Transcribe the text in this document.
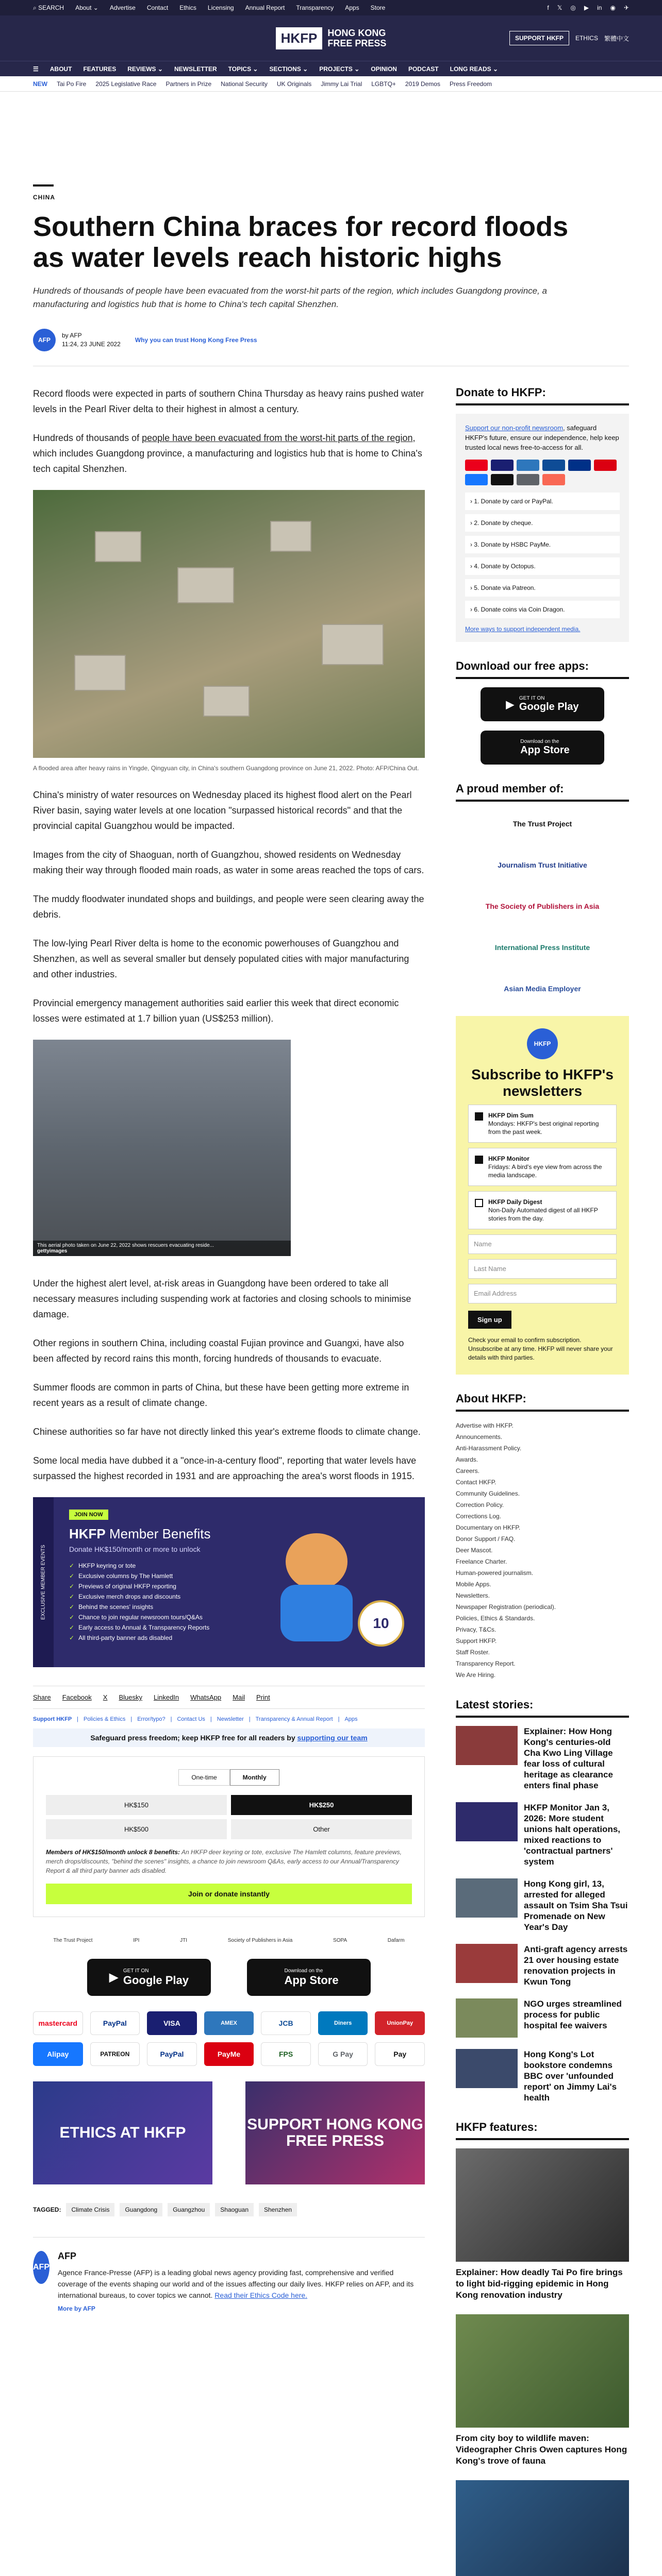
⌕ SEARCH About ⌄ Advertise Contact Ethics Licensing Annual Report Transparency Apps Store	f 𝕏 ◎ ▶ in ◉ ✈
HKFP	HONG KONG
FREE PRESS	SUPPORT HKFP	ETHICS 繁體中文
☰ ABOUT FEATURES REVIEWS ⌄ NEWSLETTER TOPICS ⌄ SECTIONS ⌄ PROJECTS ⌄ OPINION PODCAST LONG READS ⌄
NEW Tai Po Fire 2025 Legislative Race Partners in Prize National Security UK Originals Jimmy Lai Trial LGBTQ+ 2019 Demos Press Freedom
CHINA
Southern China braces for record floods as water levels reach historic highs
Hundreds of thousands of people have been evacuated from the worst-hit parts of the region, which includes Guangdong province, a manufacturing and logistics hub that is home to China's tech capital Shenzhen.
AFP
by AFP
11:24, 23 JUNE 2022
Why you can trust Hong Kong Free Press

Record floods were expected in parts of southern China Thursday as heavy rains pushed water levels in the Pearl River delta to their highest in almost a century.

Hundreds of thousands of people have been evacuated from the worst-hit parts of the region, which includes Guangdong province, a manufacturing and logistics hub that is home to China's tech capital Shenzhen.

A flooded area after heavy rains in Yingde, Qingyuan city, in China's southern Guangdong province on June 21, 2022. Photo: AFP/China Out.

China's ministry of water resources on Wednesday placed its highest flood alert on the Pearl River basin, saying water levels at one location "surpassed historical records" and that the provincial capital Guangzhou would be impacted.

Images from the city of Shaoguan, north of Guangzhou, showed residents on Wednesday making their way through flooded main roads, as water in some areas reached the tops of cars.

The muddy floodwater inundated shops and buildings, and people were seen clearing away the debris.

The low-lying Pearl River delta is home to the economic powerhouses of Guangzhou and Shenzhen, as well as several smaller but densely populated cities with major manufacturing and other industries.

Provincial emergency management authorities said earlier this week that direct economic losses were estimated at 1.7 billion yuan (US$253 million).

This aerial photo taken on June 22, 2022 shows rescuers evacuating reside...
gettyimages

Under the highest alert level, at-risk areas in Guangdong have been ordered to take all necessary measures including suspending work at factories and closing schools to minimise damage.

Other regions in southern China, including coastal Fujian province and Guangxi, have also been affected by record rains this month, forcing hundreds of thousands to evacuate.

Summer floods are common in parts of China, but these have been getting more extreme in recent years as a result of climate change.

Chinese authorities so far have not directly linked this year's extreme floods to climate change.

Some local media have dubbed it a "once-in-a-century flood", reporting that water levels have surpassed the highest recorded in 1931 and are approaching the area's worst floods in 1915.

EXCLUSIVE MEMBER EVENTS
JOIN NOW
HKFP Member Benefits
Donate HK$150/month or more to unlock
✓ HKFP keyring or tote
✓ Exclusive columns by The Hamlett
✓ Previews of original HKFP reporting
✓ Exclusive merch drops and discounts
✓ Behind the scenes' insights
✓ Chance to join regular newsroom tours/Q&As
✓ Early access to Annual & Transparency Reports
✓ All third-party banner ads disabled
10
Share Facebook X Bluesky LinkedIn WhatsApp Mail Print
Support HKFP | Policies & Ethics | Error/typo? | Contact Us | Newsletter | Transparency & Annual Report | Apps
Safeguard press freedom; keep HKFP free for all readers by supporting our team
One-time	Monthly
HK$150	HK$250
HK$500	Other
Members of HK$150/month unlock 8 benefits: An HKFP deer keyring or tote, exclusive The Hamlett columns, feature previews, merch drops/discounts, "behind the scenes" insights, a chance to join newsroom Q&As, early access to our Annual/Transparency Report & all third party banner ads disabled.
Join or donate instantly
The Trust Project	IPI	JTI	Society of Publishers in Asia	SOPA	Dafarm
▶ GET IT ON
Google Play
Download on the
App Store
mastercard	PayPal	VISA	AMEX	JCB	Diners	UnionPay
Alipay	PATREON	PayPal	PayMe	FPS	G Pay	Pay
ETHICS AT HKFP	SUPPORT HONG KONG FREE PRESS
TAGGED:	Climate Crisis	Guangdong	Guangzhou	Shaoguan	Shenzhen
AFP
AFP

Agence France-Presse (AFP) is a leading global news agency providing fast, comprehensive and verified coverage of the events shaping our world and of the issues affecting our daily lives. HKFP relies on AFP, and its international bureaus, to cover topics we cannot. Read their Ethics Code here.

More by AFP
Donate to HKFP:

Support our non-profit newsroom, safeguard HKFP's future, ensure our independence, help keep trusted local news free-to-access for all.

› 1. Donate by card or PayPal.
› 2. Donate by cheque.
› 3. Donate by HSBC PayMe.
› 4. Donate by Octopus.
› 5. Donate via Patreon.
› 6. Donate coins via Coin Dragon.
More ways to support independent media.
Download our free apps:
▶
GET IT ON
Google Play
Download on the
App Store
A proud member of:
The Trust Project
Journalism Trust Initiative
The Society of Publishers in Asia
International Press Institute
Asian Media Employer
HKFP
Subscribe to HKFP's newsletters
HKFP Dim Sum
Mondays: HKFP's best original reporting from the past week.
HKFP Monitor
Fridays: A bird's eye view from across the media landscape.
HKFP Daily Digest
Non-Daily Automated digest of all HKFP stories from the day.
Name
Last Name
Email Address
Sign up

Check your email to confirm subscription. Unsubscribe at any time. HKFP will never share your details with third parties.

About HKFP:
Advertise with HKFP.
Announcements.
Anti-Harassment Policy.
Awards.
Careers.
Contact HKFP.
Community Guidelines.
Correction Policy.
Corrections Log.
Documentary on HKFP.
Donor Support / FAQ.
Deer Mascot.
Freelance Charter.
Human-powered journalism.
Mobile Apps.
Newsletters.
Newspaper Registration (periodical).
Policies, Ethics & Standards.
Privacy, T&Cs.
Support HKFP.
Staff Roster.
Transparency Report.
We Are Hiring.
Latest stories:
Explainer: How Hong Kong's centuries-old Cha Kwo Ling Village fear loss of cultural heritage as clearance enters final phase
HKFP Monitor Jan 3, 2026: More student unions halt operations, mixed reactions to 'contractual partners' system
Hong Kong girl, 13, arrested for alleged assault on Tsim Sha Tsui Promenade on New Year's Day
Anti-graft agency arrests 21 over housing estate renovation projects in Kwun Tong
NGO urges streamlined process for public hospital fee waivers
Hong Kong's Lot bookstore condemns BBC over 'unfounded report' on Jimmy Lai's health
HKFP features:
Explainer: How deadly Tai Po fire brings to light bid-rigging epidemic in Hong Kong renovation industry
From city boy to wildlife maven: Videographer Chris Owen captures Hong Kong's trove of fauna
